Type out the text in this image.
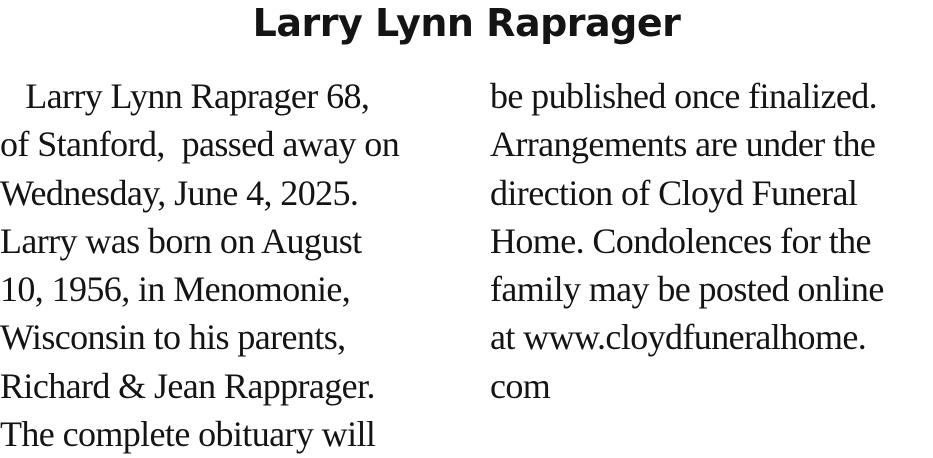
Larry Lynn Raprager
Larry Lynn Raprager 68,
of Stanford,  passed away on
Wednesday, June 4, 2025.
Larry was born on August
10, 1956, in Menomonie,
Wisconsin to his parents,
Richard & Jean Rapprager.
The complete obituary will
be published once finalized.
Arrangements are under the
direction of Cloyd Funeral
Home. Condolences for the
family may be posted online
at www.cloydfuneralhome.
com
